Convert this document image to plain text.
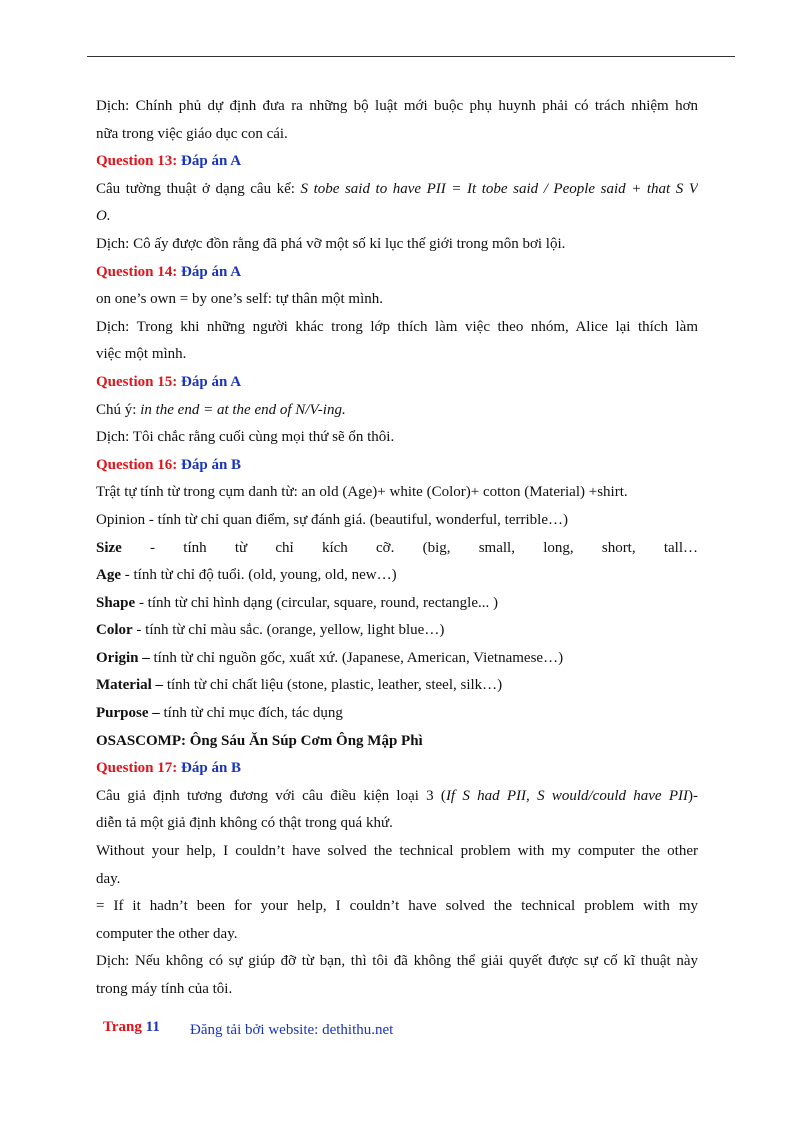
Dịch: Chính phủ dự định đưa ra những bộ luật mới buộc phụ huynh phải có trách nhiệm hơn
nữa trong việc giáo dục con cái.
Question 13: Đáp án A
Câu tường thuật ở dạng câu kể: S tobe said to have PII = It tobe said / People said + that S V
O.
Dịch: Cô ấy được đồn rằng đã phá vỡ một số kỉ lục thế giới trong môn bơi lội.
Question 14: Đáp án A
on one’s own = by one’s self: tự thân một mình.
Dịch: Trong khi những người khác trong lớp thích làm việc theo nhóm, Alice lại thích làm
việc một mình.
Question 15: Đáp án A
Chú ý: in the end = at the end of N/V-ing.
Dịch: Tôi chắc rằng cuối cùng mọi thứ sẽ ổn thôi.
Question 16: Đáp án B
Trật tự tính từ trong cụm danh từ: an old (Age)+ white (Color)+ cotton (Material) +shirt.
Opinion - tính từ chỉ quan điểm, sự đánh giá. (beautiful, wonderful, terrible…)
Size - tính từ chỉ kích cỡ. (big, small, long, short, tall…
Age - tính từ chỉ độ tuổi. (old, young, old, new…)
Shape - tính từ chỉ hình dạng (circular, square, round, rectangle... )
Color - tính từ chỉ màu sắc. (orange, yellow, light blue…)
Origin – tính từ chỉ nguồn gốc, xuất xứ. (Japanese, American, Vietnamese…)
Material – tính từ chỉ chất liệu (stone, plastic, leather, steel, silk…)
Purpose – tính từ chỉ mục đích, tác dụng
OSASCOMP: Ông Sáu Ăn Súp Cơm Ông Mập Phì
Question 17: Đáp án B
Câu giả định tương đương với câu điều kiện loại 3 (If S had PII, S would/could have PII)-
diễn tả một giả định không có thật trong quá khứ.
Without your help, I couldn’t have solved the technical problem with my computer the other
day.
= If it hadn’t been for your help, I couldn’t have solved the technical problem with my
computer the other day.
Dịch: Nếu không có sự giúp đỡ từ bạn, thì tôi đã không thể giải quyết được sự cố kĩ thuật này
trong máy tính của tôi.
Trang 11 Đăng tải bởi website: dethithu.net
